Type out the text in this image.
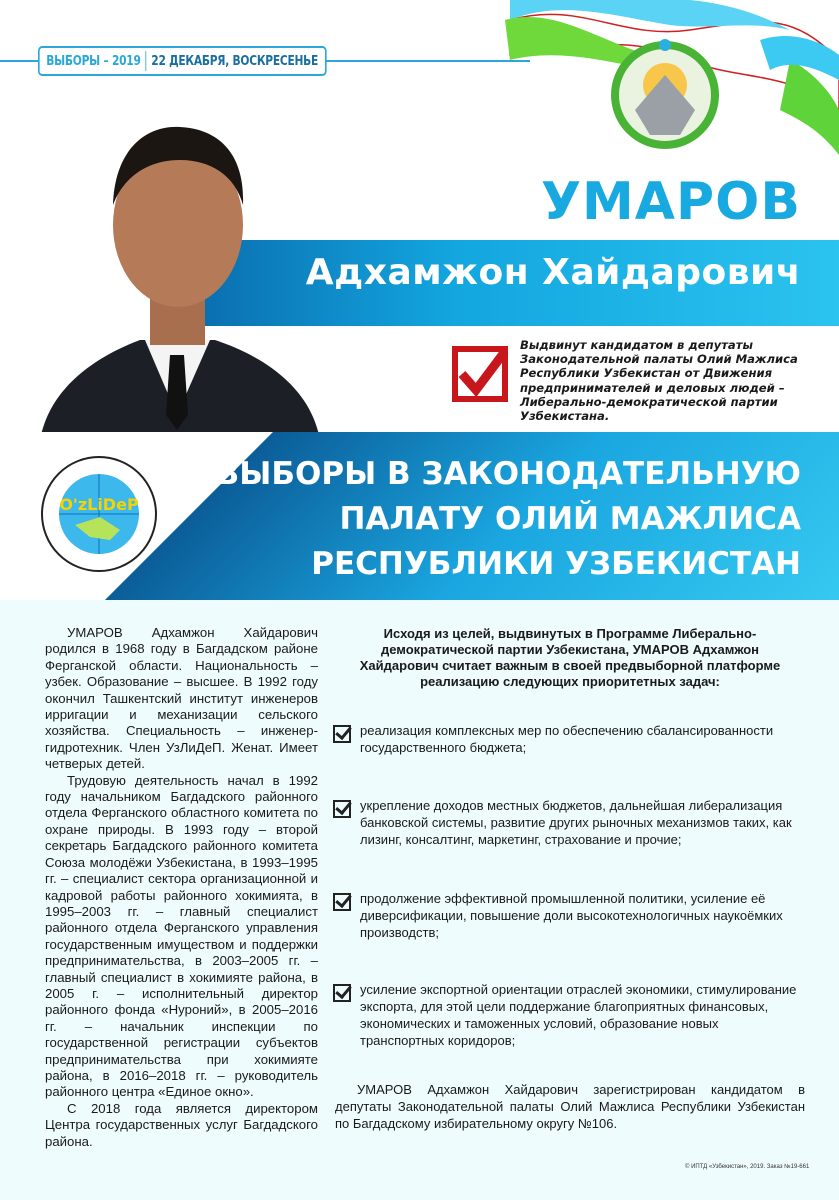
ВЫБОРЫ – 2019 22 ДЕКАБРЯ, ВОСКРЕСЕНЬЕ
УМАРОВ
Адхамжон Хайдарович
Выдвинут кандидатом в депутаты Законодательной палаты Олий Мажлиса Республики Узбекистан от Движения предпринимателей и деловых людей – Либерально-демократической партии Узбекистана.
ВЫБОРЫ В ЗАКОНОДАТЕЛЬНУЮ
ПАЛАТУ ОЛИЙ МАЖЛИСА
РЕСПУБЛИКИ УЗБЕКИСТАН
O'zLiDeP

УМАРОВ Адхамжон Хайдарович родился в 1968 году в Багдадском районе Ферганской области. Национальность – узбек. Образование – высшее. В 1992 году окончил Ташкентский институт инженеров ирригации и механизации сельского хозяйства. Специальность – инженер-гидротехник. Член УзЛиДеП. Женат. Имеет четверых детей.

Трудовую деятельность начал в 1992 году начальником Багдадского районного отдела Ферганского областного комитета по охране природы. В 1993 году – второй секретарь Багдадского районного комитета Союза молодёжи Узбекистана, в 1993–1995 гг. – специалист сектора организационной и кадровой работы районного хокимията, в 1995–2003 гг. – главный специалист районного отдела Ферганского управления государственным имуществом и поддержки предпринимательства, в 2003–2005 гг. – главный специалист в хокимияте района, в 2005 г. – исполнительный директор районного фонда «Нуроний», в 2005–2016 гг. – начальник инспекции по государственной регистрации субъектов предпринимательства при хокимияте района, в 2016–2018 гг. – руководитель районного центра «Единое окно».

С 2018 года является директором Центра государственных услуг Багдадского района.

Исходя из целей, выдвинутых в Программе Либерально-демократической партии Узбекистана, УМАРОВ Адхамжон Хайдарович считает важным в своей предвыборной платформе реализацию следующих приоритетных задач:
реализация комплексных мер по обеспечению сбалансированности государственного бюджета;
укрепление доходов местных бюджетов, дальнейшая либерализация банковской системы, развитие других рыночных механизмов таких, как лизинг, консалтинг, маркетинг, страхование и прочие;
продолжение эффективной промышленной политики, усиление её диверсификации, повышение доли высокотехнологичных наукоёмких производств;
усиление экспортной ориентации отраслей экономики, стимулирование экспорта, для этой цели поддержание благоприятных финансовых, экономических и таможенных условий, образование новых транспортных коридоров;
УМАРОВ Адхамжон Хайдарович зарегистрирован кандидатом в депутаты Законодательной палаты Олий Мажлиса Республики Узбекистан по Багдадскому избирательному округу №106.
© ИПТД «Узбекистан», 2019. Заказ №19-661
